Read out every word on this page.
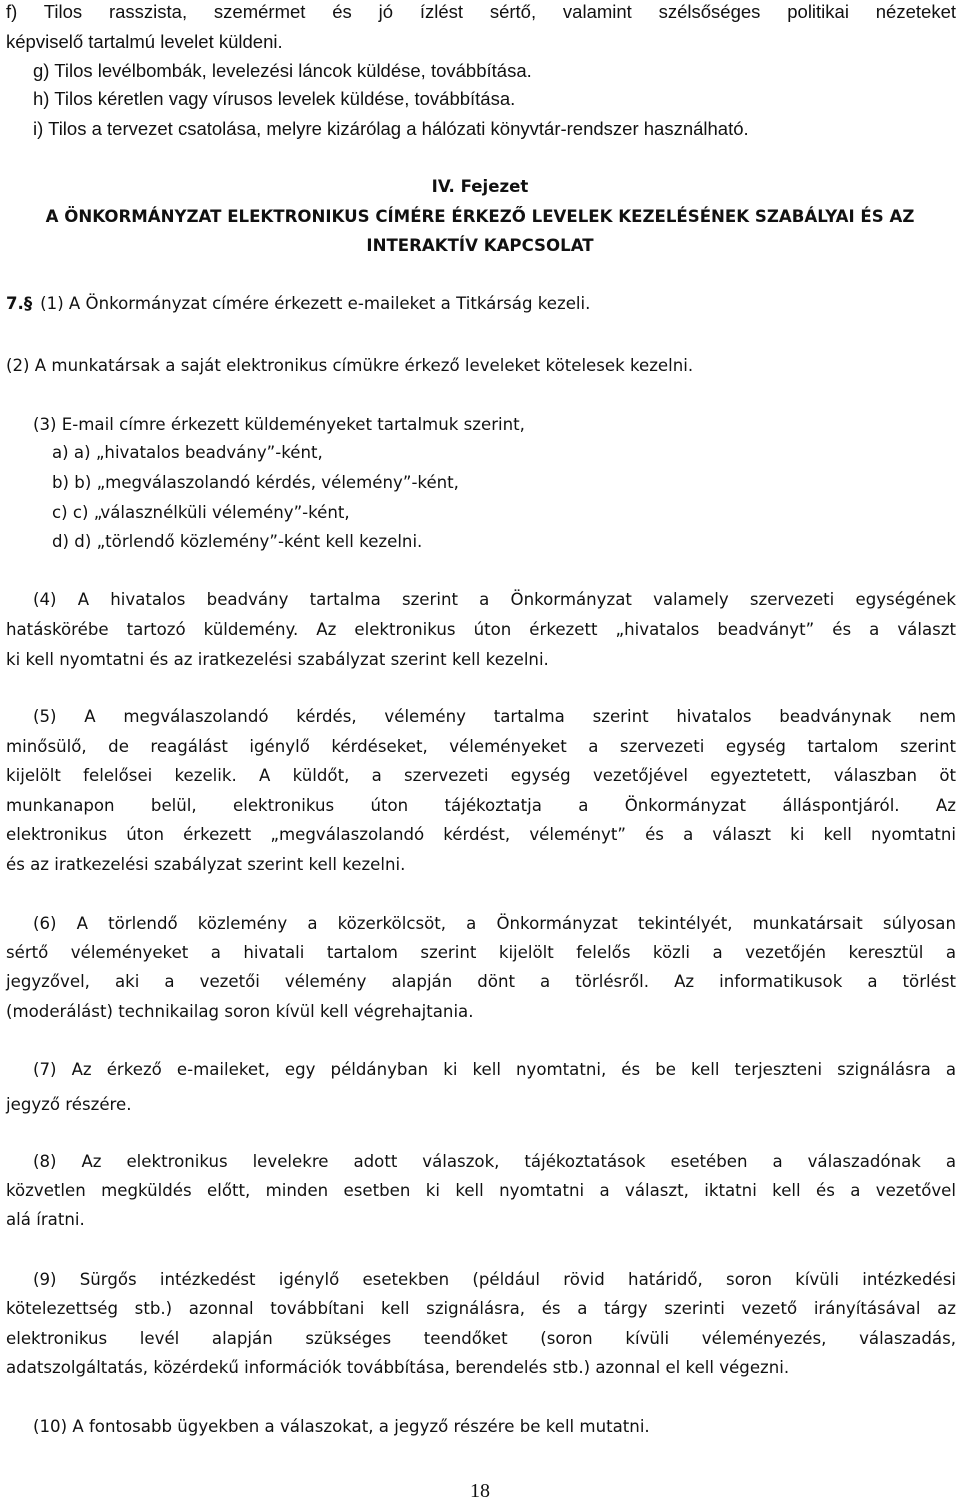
f) Tilos rasszista, szemérmet és jó ízlést sértő, valamint szélsőséges politikai nézeteket
képviselő tartalmú levelet küldeni.
g) Tilos levélbombák, levelezési láncok küldése, továbbítása.
h) Tilos kéretlen vagy vírusos levelek küldése, továbbítása.
i) Tilos a tervezet csatolása, melyre kizárólag a hálózati könyvtár-rendszer használható.
IV. Fejezet
A ÖNKORMÁNYZAT ELEKTRONIKUS CÍMÉRE ÉRKEZŐ LEVELEK KEZELÉSÉNEK SZABÁLYAI ÉS AZ
INTERAKTÍV KAPCSOLAT
7.§ (1) A Önkormányzat címére érkezett e-maileket a Titkárság kezeli.
(2) A munkatársak a saját elektronikus címükre érkező leveleket kötelesek kezelni.
(3) E-mail címre érkezett küldeményeket tartalmuk szerint,
a) a) „hivatalos beadvány”-ként,
b) b) „megválaszolandó kérdés, vélemény”-ként,
c) c) „válasznélküli vélemény”-ként,
d) d) „törlendő közlemény”-ként kell kezelni.
(4) A hivatalos beadvány tartalma szerint a Önkormányzat valamely szervezeti egységének
hatáskörébe tartozó küldemény. Az elektronikus úton érkezett „hivatalos beadványt” és a választ
ki kell nyomtatni és az iratkezelési szabályzat szerint kell kezelni.
(5) A megválaszolandó kérdés, vélemény tartalma szerint hivatalos beadványnak nem
minősülő, de reagálást igénylő kérdéseket, véleményeket a szervezeti egység tartalom szerint
kijelölt felelősei kezelik. A küldőt, a szervezeti egység vezetőjével egyeztetett, válaszban öt
munkanapon belül, elektronikus úton tájékoztatja a Önkormányzat álláspontjáról. Az
elektronikus úton érkezett „megválaszolandó kérdést, véleményt” és a választ ki kell nyomtatni
és az iratkezelési szabályzat szerint kell kezelni.
(6) A törlendő közlemény a közerkölcsöt, a Önkormányzat tekintélyét, munkatársait súlyosan
sértő véleményeket a hivatali tartalom szerint kijelölt felelős közli a vezetőjén keresztül a
jegyzővel, aki a vezetői vélemény alapján dönt a törlésről. Az informatikusok a törlést
(moderálást) technikailag soron kívül kell végrehajtania.
(7) Az érkező e-maileket, egy példányban ki kell nyomtatni, és be kell terjeszteni szignálásra a
jegyző részére.
(8) Az elektronikus levelekre adott válaszok, tájékoztatások esetében a válaszadónak a
közvetlen megküldés előtt, minden esetben ki kell nyomtatni a választ, iktatni kell és a vezetővel
alá íratni.
(9) Sürgős intézkedést igénylő esetekben (például rövid határidő, soron kívüli intézkedési
kötelezettség stb.) azonnal továbbítani kell szignálásra, és a tárgy szerinti vezető irányításával az
elektronikus levél alapján szükséges teendőket (soron kívüli véleményezés, válaszadás,
adatszolgáltatás, közérdekű információk továbbítása, berendelés stb.) azonnal el kell végezni.
(10) A fontosabb ügyekben a válaszokat, a jegyző részére be kell mutatni.
18
